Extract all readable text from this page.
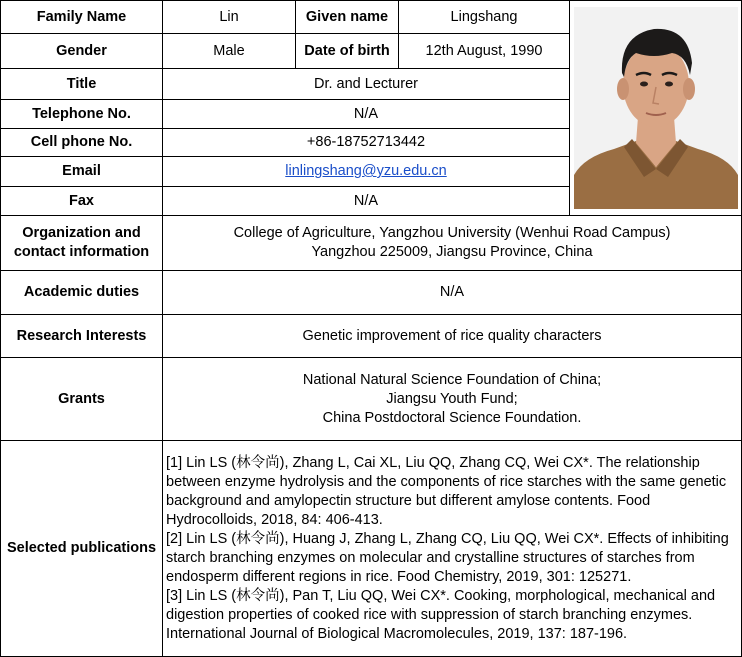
Family Name	Lin	Given name	Lingshang	

Gender	Male	Date of birth	12th August, 1990	
Title	Dr. and Lecturer			
Telephone No.	N/A			
Cell phone No.	+86-18752713442			
Email	linlingshang@yzu.edu.cn			
Fax	N/A			
Organization and contact information	College of Agriculture, Yangzhou University (Wenhui Road Campus)
Yangzhou 225009, Jiangsu Province, China			
Academic duties	N/A			
Research Interests	Genetic improvement of rice quality characters			
Grants	National Natural Science Foundation of China;
Jiangsu Youth Fund;
China Postdoctoral Science Foundation.			
Selected publications	[1] Lin LS (林令尚), Zhang L, Cai XL, Liu QQ, Zhang CQ, Wei CX*. The relationship between enzyme hydrolysis and the components of rice starches with the same genetic background and amylopectin structure but different amylose contents. Food Hydrocolloids, 2018, 84: 406-413.
[2] Lin LS (林令尚), Huang J, Zhang L, Zhang CQ, Liu QQ, Wei CX*. Effects of inhibiting starch branching enzymes on molecular and crystalline structures of starches from endosperm different regions in rice. Food Chemistry, 2019, 301: 125271.
[3] Lin LS (林令尚), Pan T, Liu QQ, Wei CX*. Cooking, morphological, mechanical and digestion properties of cooked rice with suppression of starch branching enzymes. International Journal of Biological Macromolecules, 2019, 137: 187-196.			
